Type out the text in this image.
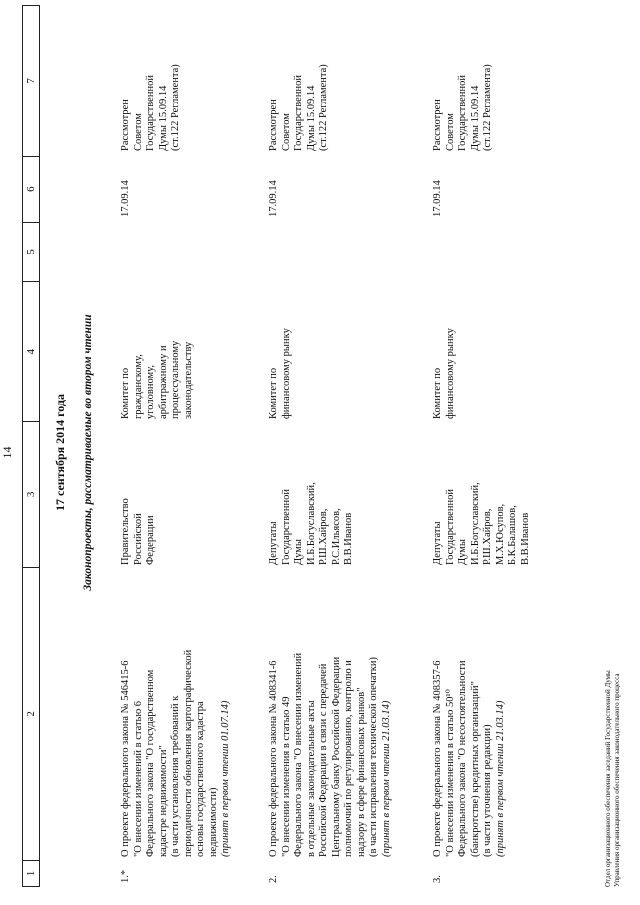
14
1
2
3
4
5
6
7
17 сентября 2014 года Законопроекты, рассматриваемые во втором чтении
1.*
О проекте федерального закона № 546415-6 "О внесении изменений в статью 6 Федерального закона "О государственном кадастре недвижимости" (в части установления требований к периодичности обновления картографической основы государственного кадастра недвижимости) (принят в первом чтении 01.07.14)
Правительство Российской Федерации
Комитет по гражданскому, уголовному, арбитражному и процессуальному законодательству
17.09.14
Рассмотрен Советом Государственной Думы 15.09.14 (ст.122 Регламента)
2.
О проекте федерального закона № 408341-6 "О внесении изменения в статью 49 Федерального закона "О внесении изменений в отдельные законодательные акты Российской Федерации в связи с передачей Центральному банку Российской Федерации полномочий по регулированию, контролю и надзору в сфере финансовых рынков" (в части исправления технической опечатки) (принят в первом чтении 21.03.14)
Депутаты Государственной Думы И.Б.Богуславский, Р.Ш.Хайров, Р.С.Ильясов, В.В.Иванов
Комитет по финансовому рынку
17.09.14
Рассмотрен Советом Государственной Думы 15.09.14 (ст.122 Регламента)
3.
О проекте федерального закона № 408357-6 "О внесении изменения в статью 50¹⁰ Федерального закона "О несостоятельности (банкротстве) кредитных организаций" (в части уточнения редакции) (принят в первом чтении 21.03.14)
Депутаты Государственной Думы И.Б.Богуславский, Р.Ш.Хайров, М.Х.Юсупов, Б.К.Балашов, В.В.Иванов
Комитет по финансовому рынку
17.09.14
Рассмотрен Советом Государственной Думы 15.09.14 (ст.122 Регламента)
Отдел организационного обеспечения заседаний Государственной Думы Управления организационного обеспечения законодательного процесса
